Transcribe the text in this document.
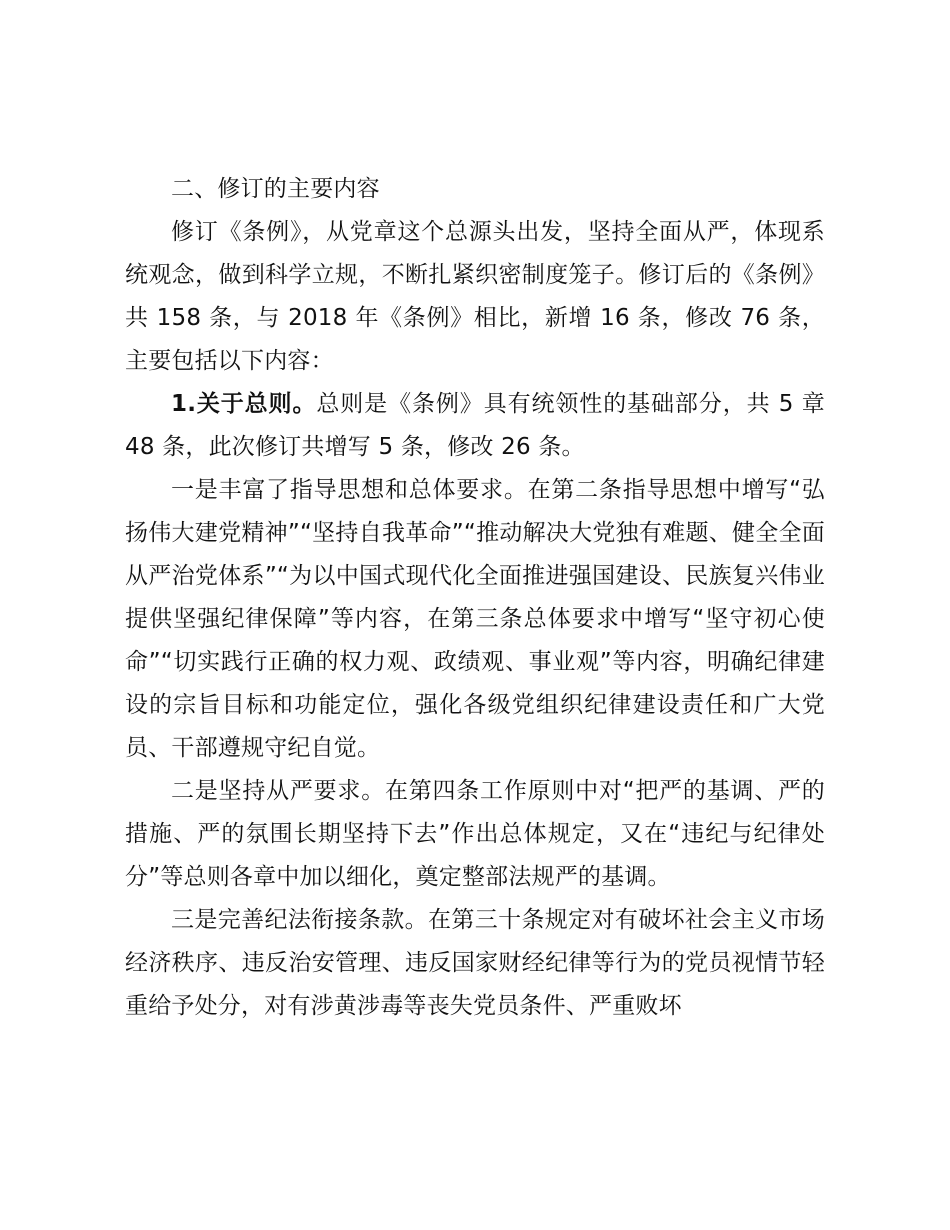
二、修订的主要内容

修订《条例》，从党章这个总源头出发，坚持全面从严，体现系统观念，做到科学立规，不断扎紧织密制度笼子。修订后的《条例》共 158 条，与 2018 年《条例》相比，新增 16 条，修改 76 条，主要包括以下内容：

1.关于总则。总则是《条例》具有统领性的基础部分，共 5 章 48 条，此次修订共增写 5 条，修改 26 条。

一是丰富了指导思想和总体要求。在第二条指导思想中增写“弘扬伟大建党精神”“坚持自我革命”“推动解决大党独有难题、健全全面从严治党体系”“为以中国式现代化全面推进强国建设、民族复兴伟业提供坚强纪律保障”等内容，在第三条总体要求中增写“坚守初心使命”“切实践行正确的权力观、政绩观、事业观”等内容，明确纪律建设的宗旨目标和功能定位，强化各级党组织纪律建设责任和广大党员、干部遵规守纪自觉。

二是坚持从严要求。在第四条工作原则中对“把严的基调、严的措施、严的氛围长期坚持下去”作出总体规定，又在“违纪与纪律处分”等总则各章中加以细化，奠定整部法规严的基调。

三是完善纪法衔接条款。在第三十条规定对有破坏社会主义市场经济秩序、违反治安管理、违反国家财经纪律等行为的党员视情节轻重给予处分，对有涉黄涉毒等丧失党员条件、严重败坏
